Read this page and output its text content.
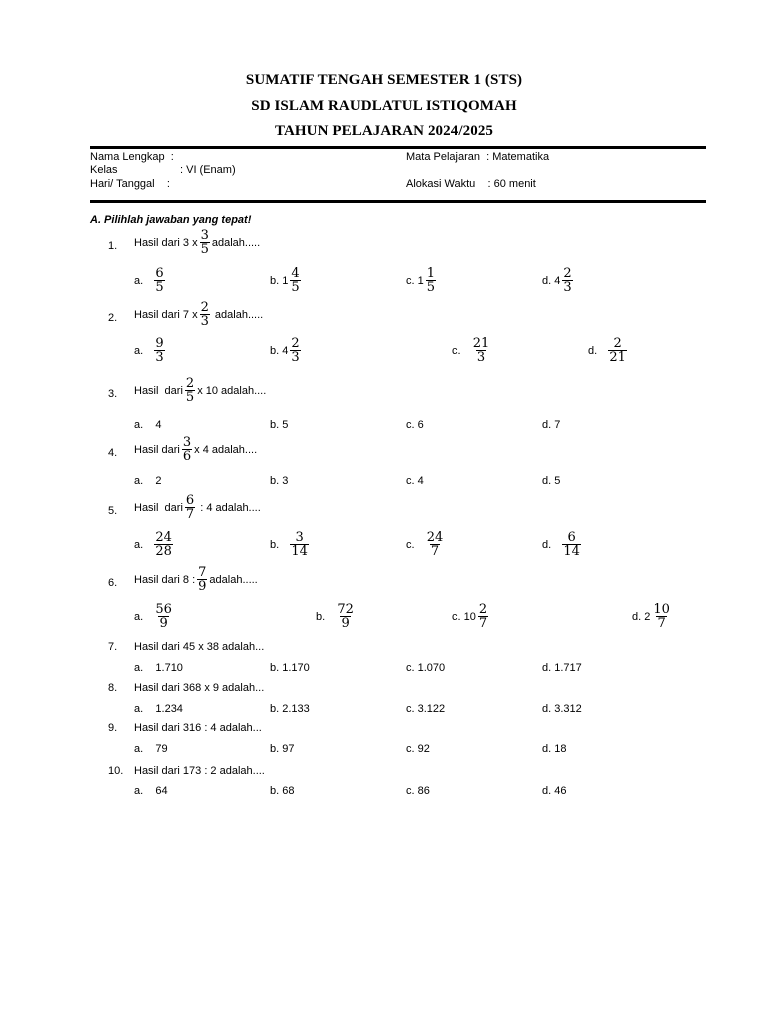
SUMATIF TENGAH SEMESTER 1 (STS)
SD ISLAM RAUDLATUL ISTIQOMAH
TAHUN PELAJARAN 2024/2025
Nama Lengkap  :
Kelas	: VI (Enam)
Hari/ Tanggal    :
Mata Pelajaran  : Matematika
Alokasi Waktu    : 60 menit
A. Pilihlah jawaban yang tepat!
1. Hasil dari 3 x $\frac{3}{5}$ adalah.....
a.
$\frac{6}{5}$	b. $1 \frac{4}{5}$	c. $1 \frac{1}{5}$	d. $4 \frac{2}{3}$
2. Hasil dari 7 x $\frac{2}{3}$ adalah.....
a.
$\frac{9}{3}$	b. $4 \frac{2}{3}$	c.
$\frac{21}{3}$	d.
$\frac{2}{21}$
3. Hasil  dari $\frac{2}{5}$ x 10 adalah....
a.    4	b. 5	c. 6	d. 7
4. Hasil dari $\frac{3}{6}$ x 4 adalah....
a.    2	b. 3	c. 4	d. 5
5. Hasil  dari $\frac{6}{7}$ : 4 adalah....
a.
$\frac{24}{28}$	b.
$\frac{3}{14}$	c.
$\frac{24}{7}$	d.
$\frac{6}{14}$
6. Hasil dari 8 : $\frac{7}{9}$ adalah.....
a.
$\frac{56}{9}$	b.
$\frac{72}{9}$	c. $10 \frac{2}{7}$	d. $2 \frac{10}{7}$
7. Hasil dari 45 x 38 adalah...
a.    1.710	b. 1.170	c. 1.070	d. 1.717
8. Hasil dari 368 x 9 adalah...
a.    1.234	b. 2.133	c. 3.122	d. 3.312
9. Hasil dari 316 : 4 adalah...
a.    79	b. 97	c. 92	d. 18
10. Hasil dari 173 : 2 adalah....
a.    64	b. 68	c. 86	d. 46
